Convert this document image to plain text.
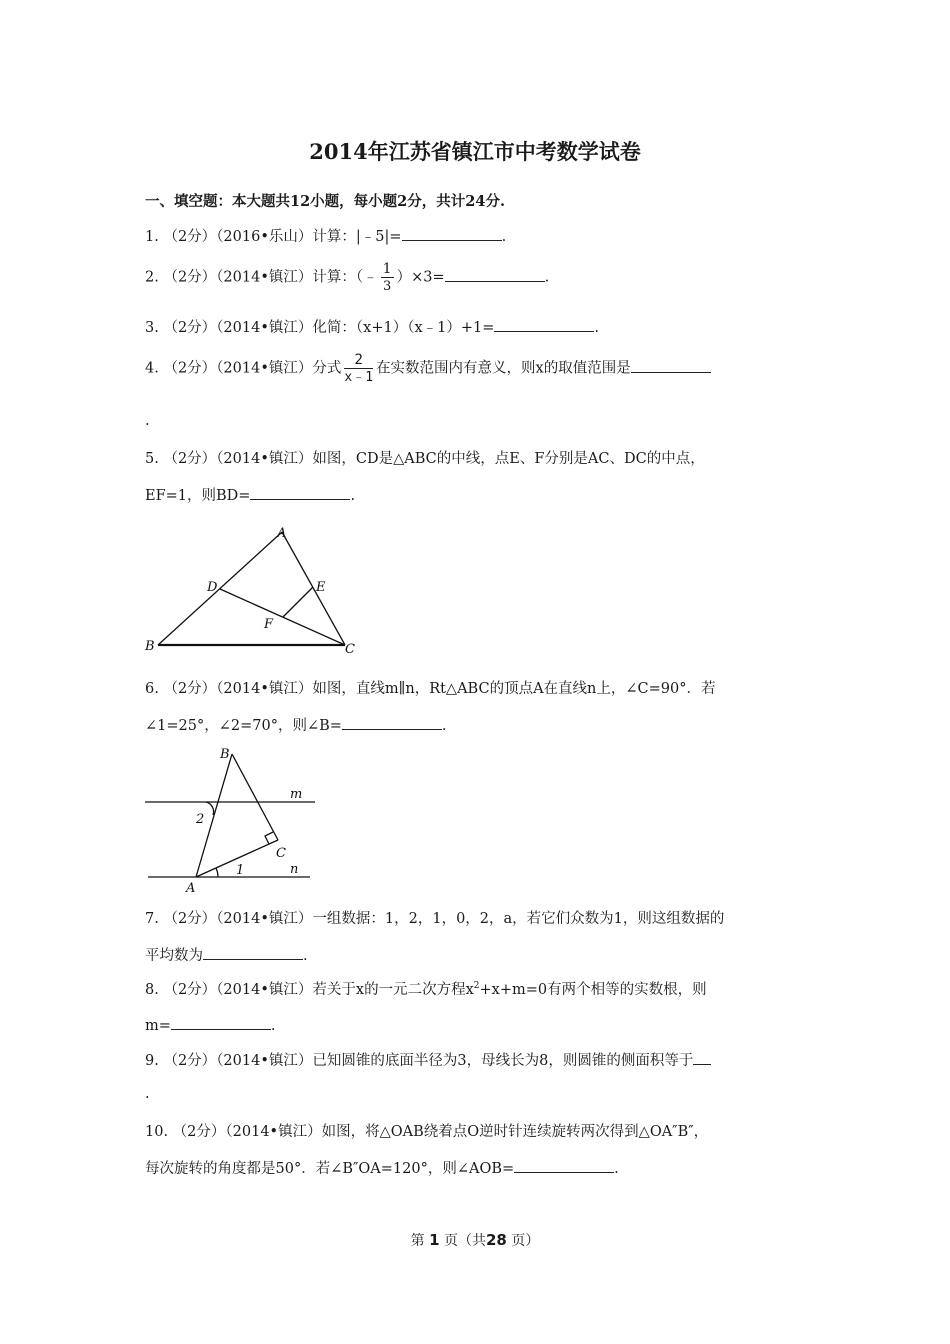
2014年江苏省镇江市中考数学试卷
一、填空题：本大题共12小题，每小题2分，共计24分.
1. （2分）（2016•乐山）计算：|﹣5|=	.
2. （2分）（2014•镇江）计算：（﹣ $\frac{1}{3} )\times 3=$	.
3. （2分）（2014•镇江）化简：（x+1）（x﹣1）+1=	.
4. （2分）（2014•镇江）分式 $\frac{2}{x﹣1}$ 在实数范围内有意义，则x的取值范围是
.
5. （2分）（2014•镇江）如图，CD是△ABC的中线，点E、F分别是AC、DC的中点，
EF=1，则BD=	.
A
B	C
D	E
F
6. （2分）（2014•镇江）如图，直线m∥n，Rt△ABC的顶点A在直线n上，∠C=90°．若
∠1=25°，∠2=70°，则∠B=	.
B
m
2
C
1	n
A
7. （2分）（2014•镇江）一组数据：1，2，1，0，2，a，若它们众数为1，则这组数据的
平均数为	.
8. （2分）（2014•镇江）若关于x的一元二次方程$x^2+x+m=0$有两个相等的实数根，则
m=	.
9. （2分）（2014•镇江）已知圆锥的底面半径为3，母线长为8，则圆锥的侧面积等于
.
10. （2分）（2014•镇江）如图，将△OAB绕着点O逆时针连续旋转两次得到△OA″B″，
每次旋转的角度都是50°．若∠B″OA=120°，则∠AOB=	.
第 1 页（共28 页）
